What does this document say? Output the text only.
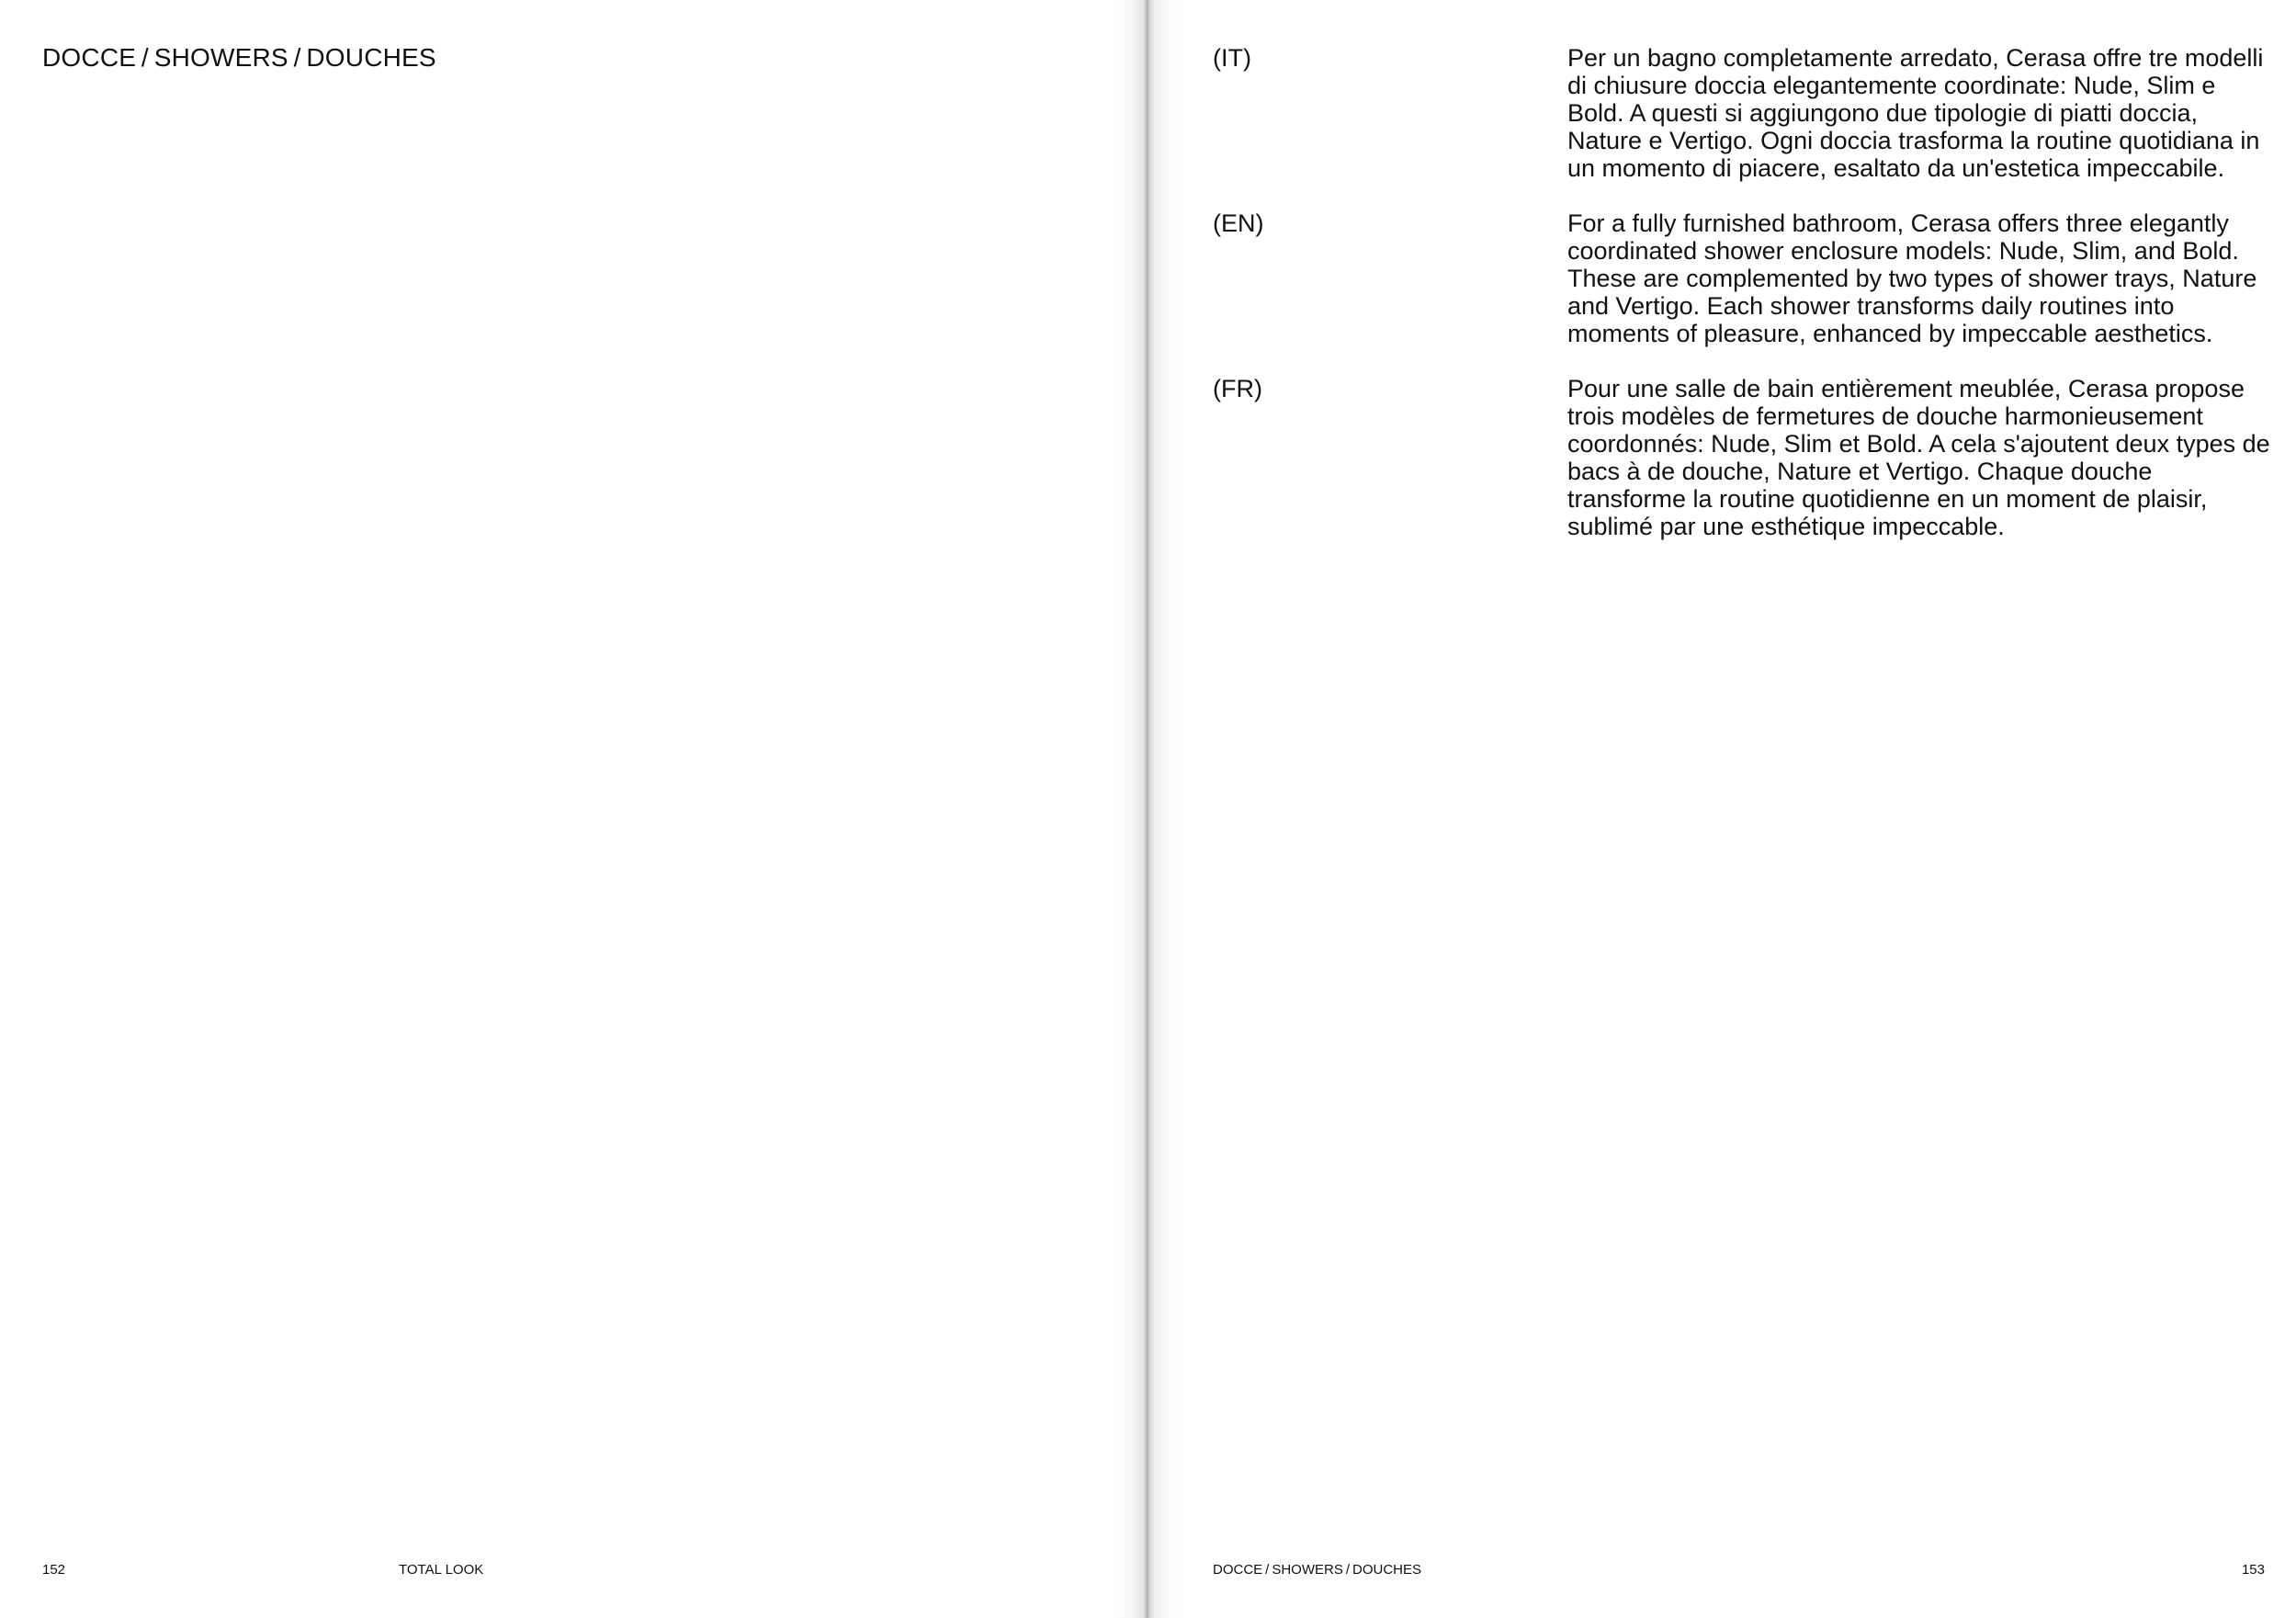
DOCCE / SHOWERS / DOUCHES
152	TOTAL LOOK
(IT)	Per un bagno completamente arredato, Cerasa offre tre modelli di chiusure doccia elegantemente coordinate: Nude, Slim e Bold. A questi si aggiungono due tipologie di piatti doccia, Nature e Vertigo. Ogni doccia trasforma la routine quotidiana in un momento di piacere, esaltato da un'estetica impeccabile.

(EN)	For a fully furnished bathroom, Cerasa offers three elegantly coordinated shower enclosure models: Nude, Slim, and Bold. These are complemented by two types of shower trays, Nature and Vertigo. Each shower transforms daily routines into moments of pleasure, enhanced by impeccable aesthetics.

(FR)	Pour une salle de bain entièrement meublée, Cerasa propose trois modèles de fermetures de douche harmonieusement coordonnés: Nude, Slim et Bold. A cela s'ajoutent deux types de bacs à de douche, Nature et Vertigo. Chaque douche transforme la routine quotidienne en un moment de plaisir, sublimé par une esthétique impeccable.

DOCCE / SHOWERS / DOUCHES	153
